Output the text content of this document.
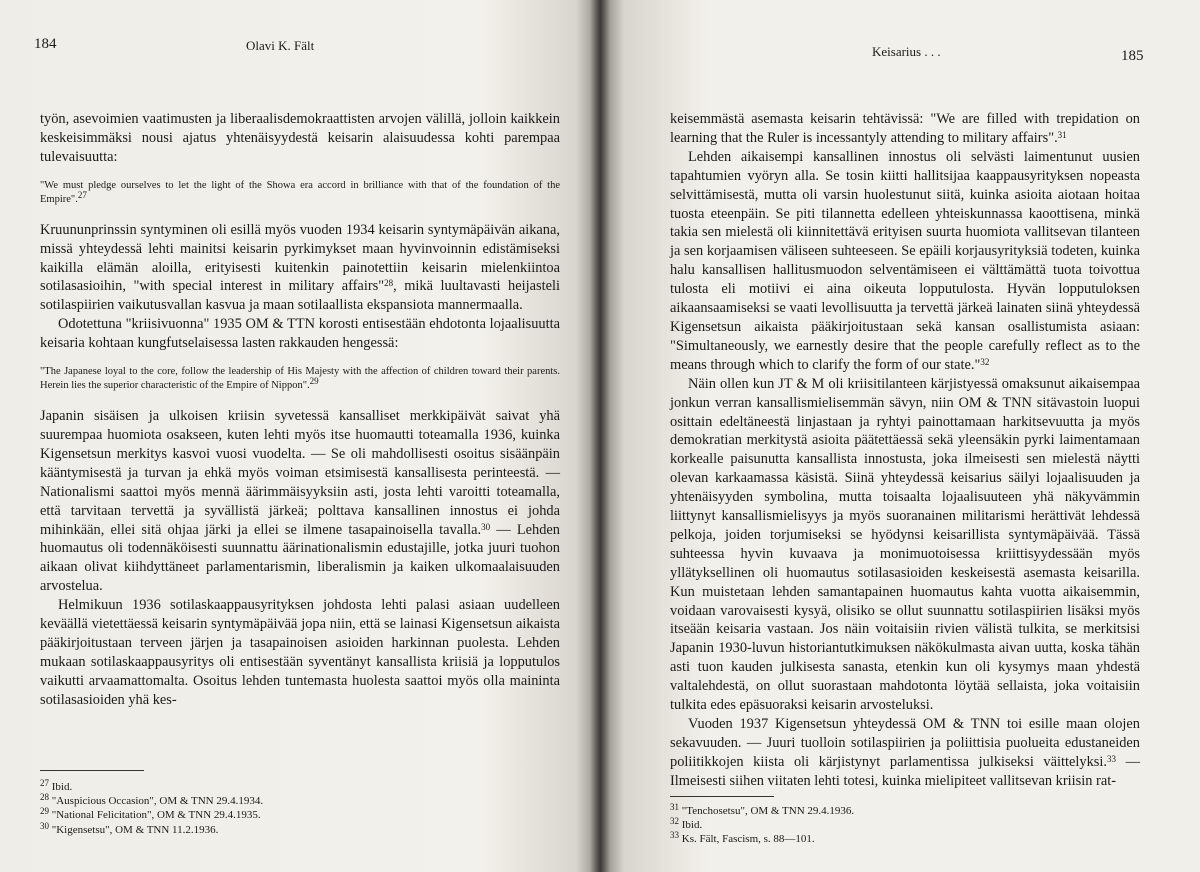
184	Olavi K. Fält

työn, asevoimien vaatimusten ja liberaalisdemokraattisten arvojen välillä, jolloin kaikkein keskeisimmäksi nousi ajatus yhtenäisyydestä keisarin alaisuudessa kohti parempaa tulevaisuutta:

"We must pledge ourselves to let the light of the Showa era accord in brilliance with that of the foundation of the Empire".$^{27}$

Kruununprinssin syntyminen oli esillä myös vuoden 1934 keisarin syntymäpäivän aikana, missä yhteydessä lehti mainitsi keisarin pyrkimykset maan hyvinvoinnin edistämiseksi kaikilla elämän aloilla, erityisesti kuitenkin painotettiin keisarin mielenkiintoa sotilasasioihin, "with special interest in military affairs"$^{28}$, mikä luultavasti heijasteli sotilaspiirien vaikutusvallan kasvua ja maan sotilaallista ekspansiota mannermaalla.

Odotettuna "kriisivuonna" 1935 OM & TTN korosti entisestään ehdotonta lojaalisuutta keisaria kohtaan kungfutselaisessa lasten rakkauden hengessä:

"The Japanese loyal to the core, follow the leadership of His Majesty with the affection of children toward their parents. Herein lies the superior characteristic of the Empire of Nippon".$^{29}$

Japanin sisäisen ja ulkoisen kriisin syvetessä kansalliset merkkipäivät saivat yhä suurempaa huomiota osakseen, kuten lehti myös itse huomautti toteamalla 1936, kuinka Kigensetsun merkitys kasvoi vuosi vuodelta. — Se oli mahdollisesti osoitus sisäänpäin kääntymisestä ja turvan ja ehkä myös voiman etsimisestä kansallisesta perinteestä. — Nationalismi saattoi myös mennä äärimmäisyyksiin asti, josta lehti varoitti toteamalla, että tarvitaan tervettä ja syvällistä järkeä; polttava kansallinen innostus ei johda mihinkään, ellei sitä ohjaa järki ja ellei se ilmene tasapainoisella tavalla.$^{30}$ — Lehden huomautus oli todennäköisesti suunnattu äärinationalismin edustajille, jotka juuri tuohon aikaan olivat kiihdyttäneet parlamentarismin, liberalismin ja kaiken ulkomaalaisuuden arvostelua.

Helmikuun 1936 sotilaskaappausyrityksen johdosta lehti palasi asiaan uudelleen keväällä vietettäessä keisarin syntymäpäivää jopa niin, että se lainasi Kigensetsun aikaista pääkirjoitustaan terveen järjen ja tasapainoisen asioiden harkinnan puolesta. Lehden mukaan sotilaskaappausyritys oli entisestään syventänyt kansallista kriisiä ja lopputulos vaikutti arvaamattomalta. Osoitus lehden tuntemasta huolesta saattoi myös olla maininta sotilasasioiden yhä kes-

$^{27}$ Ibid.
$^{28}$ "Auspicious Occasion", OM & TNN 29.4.1934.
$^{29}$ "National Felicitation", OM & TNN 29.4.1935.
$^{30}$ "Kigensetsu", OM & TNN 11.2.1936.
Keisarius . . .	185

keisemmästä asemasta keisarin tehtävissä: "We are filled with trepidation on learning that the Ruler is incessantyly attending to military affairs".$^{31}$

Lehden aikaisempi kansallinen innostus oli selvästi laimentunut uusien tapahtumien vyöryn alla. Se tosin kiitti hallitsijaa kaappausyrityksen nopeasta selvittämisestä, mutta oli varsin huolestunut siitä, kuinka asioita aiotaan hoitaa tuosta eteenpäin. Se piti tilannetta edelleen yhteiskunnassa kaoottisena, minkä takia sen mielestä oli kiinnitettävä erityisen suurta huomiota vallitsevan tilanteen ja sen korjaamisen väliseen suhteeseen. Se epäili korjausyrityksiä todeten, kuinka halu kansallisen hallitusmuodon selventämiseen ei välttämättä tuota toivottua tulosta eli motiivi ei aina oikeuta lopputulosta. Hyvän lopputuloksen aikaansaamiseksi se vaati levollisuutta ja tervettä järkeä lainaten siinä yhteydessä Kigensetsun aikaista pääkirjoitustaan sekä kansan osallistumista asiaan: "Simultaneously, we earnestly desire that the people carefully reflect as to the means through which to clarify the form of our state."$^{32}$

Näin ollen kun JT & M oli kriisitilanteen kärjistyessä omaksunut aikaisempaa jonkun verran kansallismielisemmän sävyn, niin OM & TNN sitävastoin luopui osittain edeltäneestä linjastaan ja ryhtyi painottamaan harkitsevuutta ja myös demokratian merkitystä asioita päätettäessä sekä yleensäkin pyrki laimentamaan korkealle paisunutta kansallista innostusta, joka ilmeisesti sen mielestä näytti olevan karkaamassa käsistä. Siinä yhteydessä keisarius säilyi lojaalisuuden ja yhtenäisyyden symbolina, mutta toisaalta lojaalisuuteen yhä näkyvämmin liittynyt kansallismielisyys ja myös suoranainen militarismi herättivät lehdessä pelkoja, joiden torjumiseksi se hyödynsi keisarillista syntymäpäivää. Tässä suhteessa hyvin kuvaava ja monimuotoisessa kriittisyydessään myös yllätyksellinen oli huomautus sotilasasioiden keskeisestä asemasta keisarilla. Kun muistetaan lehden samantapainen huomautus kahta vuotta aikaisemmin, voidaan varovaisesti kysyä, olisiko se ollut suunnattu sotilaspiirien lisäksi myös itseään keisaria vastaan. Jos näin voitaisiin rivien välistä tulkita, se merkitsisi Japanin 1930-luvun historiantutkimuksen näkökulmasta aivan uutta, koska tähän asti tuon kauden julkisesta sanasta, etenkin kun oli kysymys maan yhdestä valtalehdestä, on ollut suorastaan mahdotonta löytää sellaista, joka voitaisiin tulkita edes epäsuoraksi keisarin arvosteluksi.

Vuoden 1937 Kigensetsun yhteydessä OM & TNN toi esille maan olojen sekavuuden. — Juuri tuolloin sotilaspiirien ja poliittisia puolueita edustaneiden poliitikkojen kiista oli kärjistynyt parlamentissa julkiseksi väittelyksi.$^{33}$ — Ilmeisesti siihen viitaten lehti totesi, kuinka mielipiteet vallitsevan kriisin rat-

$^{31}$ "Tenchosetsu", OM & TNN 29.4.1936.
$^{32}$ Ibid.
$^{33}$ Ks. Fält, Fascism, s. 88—101.
